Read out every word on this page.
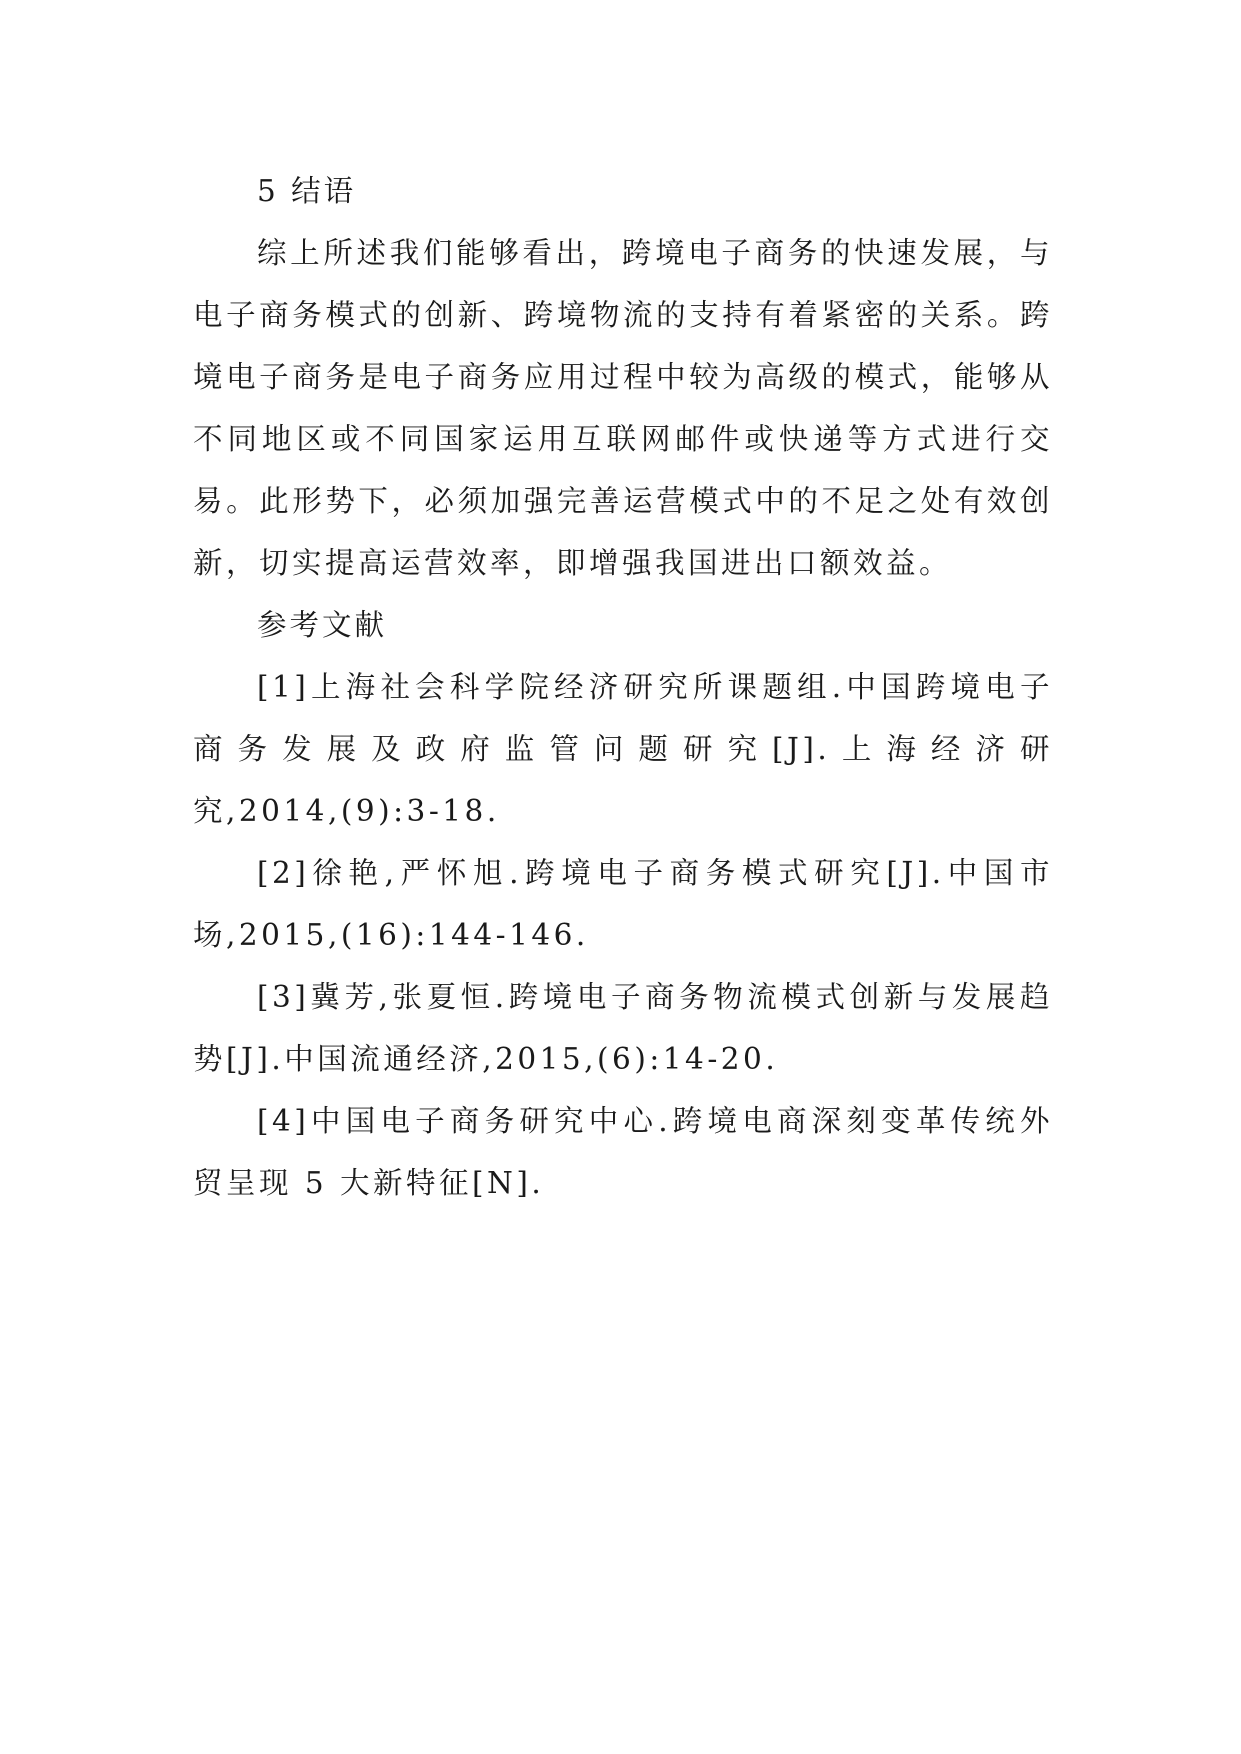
5 结语
综上所述我们能够看出，跨境电子商务的快速发展，与
电子商务模式的创新、跨境物流的支持有着紧密的关系。跨
境电子商务是电子商务应用过程中较为高级的模式，能够从
不同地区或不同国家运用互联网邮件或快递等方式进行交
易。此形势下，必须加强完善运营模式中的不足之处有效创
新，切实提高运营效率，即增强我国进出口额效益。
参考文献
[1]上海社会科学院经济研究所课题组.中国跨境电子
商务发展及政府监管问题研究[J].上海经济研
究,2014,(9):3-18.
[2]徐艳,严怀旭.跨境电子商务模式研究[J].中国市
场,2015,(16):144-146.
[3]冀芳,张夏恒.跨境电子商务物流模式创新与发展趋
势[J].中国流通经济,2015,(6):14-20.
[4]中国电子商务研究中心.跨境电商深刻变革传统外
贸呈现 5 大新特征[N].
